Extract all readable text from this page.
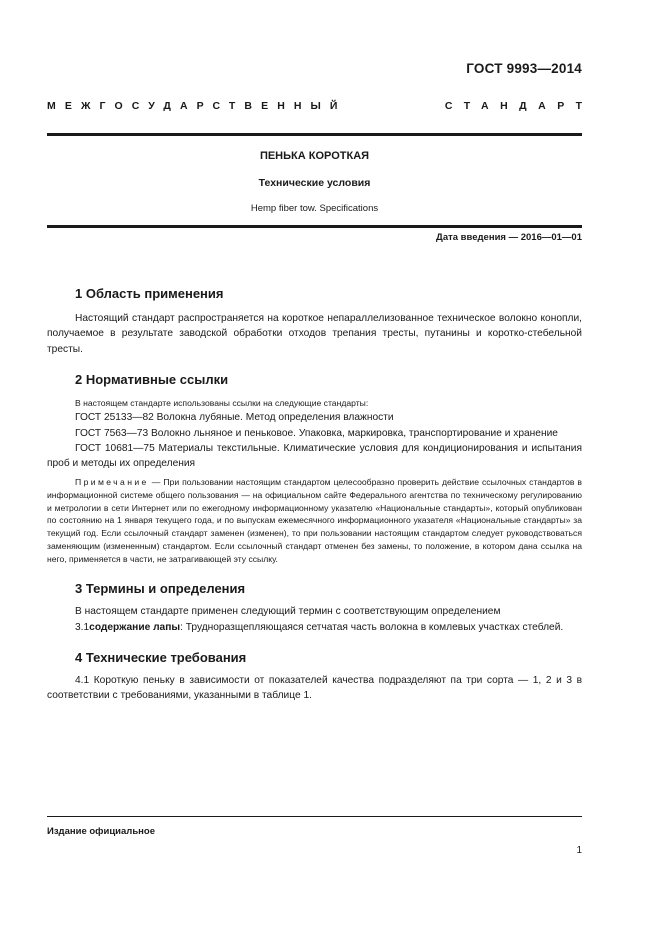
ГОСТ 9993—2014
МЕЖГОСУДАРСТВЕННЫЙ	СТАНДАРТ
ПЕНЬКА КОРОТКАЯ
Технические условия
Hemp fiber tow. Specifications
Дата введения — 2016—01—01
1 Область применения

Настоящий стандарт распространяется на короткое непараллелизованное техническое волокно конопли, получаемое в результате заводской обработки отходов трепания тресты, путанины и коротко-стебельной тресты.

2 Нормативные ссылки

В настоящем стандарте использованы ссылки на следующие стандарты:

ГОСТ 25133—82 Волокна лубяные. Метод определения влажности

ГОСТ 7563—73 Волокно льняное и пеньковое. Упаковка, маркировка, транспортирование и хранение

ГОСТ 10681—75 Материалы текстильные. Климатические условия для кондиционирования и испытания проб и методы их определения

Примечание — При пользовании настоящим стандартом целесообразно проверить действие ссылочных стандартов в информационной системе общего пользования — на официальном сайте Федерального агентства по техническому регулированию и метрологии в сети Интернет или по ежегодному информационному указателю «Национальные стандарты», который опубликован по состоянию на 1 января текущего года, и по выпускам ежемесячного информационного указателя «Национальные стандарты» за текущий год. Если ссылочный стандарт заменен (изменен), то при пользовании настоящим стандартом следует руководствоваться заменяющим (измененным) стандартом. Если ссылочный стандарт отменен без замены, то положение, в котором дана ссылка на него, применяется в части, не затрагивающей эту ссылку.

3 Термины и определения

В настоящем стандарте применен следующий термин с соответствующим определением

3.1содержание лапы: Трудноразщепляющаяся сетчатая часть волокна в комлевых участках стеблей.

4 Технические требования

4.1 Короткую пеньку в зависимости от показателей качества подразделяют па три сорта — 1, 2 и 3 в соответствии с требованиями, указанными в таблице 1.

Издание официальное
1
